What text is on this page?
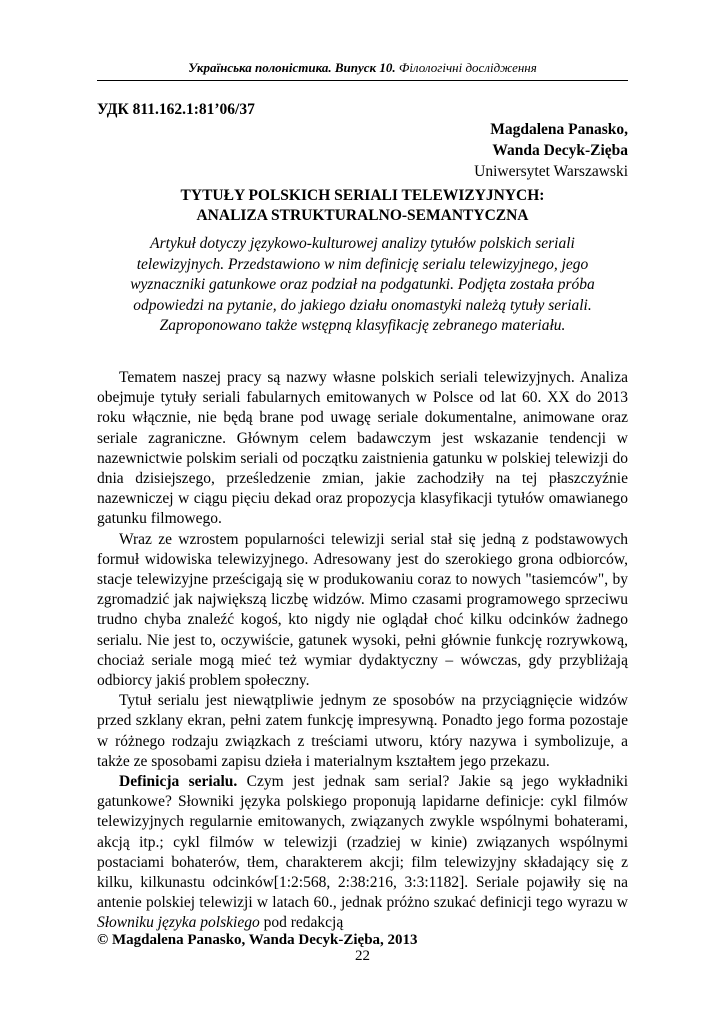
Українська полоністика. Випуск 10. Філологічні дослідження
УДК 811.162.1:81’06/37
Magdalena Panasko,
Wanda Decyk-Zięba
Uniwersytet Warszawski
TYTUŁY POLSKICH SERIALI TELEWIZYJNYCH:
ANALIZA STRUKTURALNO-SEMANTYCZNA
Artykuł dotyczy językowo-kulturowej analizy tytułów polskich seriali
telewizyjnych. Przedstawiono w nim definicję serialu telewizyjnego, jego
wyznaczniki gatunkowe oraz podział na podgatunki. Podjęta została próba
odpowiedzi na pytanie, do jakiego działu onomastyki należą tytuły seriali.
Zaproponowano także wstępną klasyfikację zebranego materiału.

Tematem naszej pracy są nazwy własne polskich seriali telewizyjnych. Analiza obejmuje tytuły seriali fabularnych emitowanych w Polsce od lat 60. XX do 2013 roku włącznie, nie będą brane pod uwagę seriale dokumentalne, animowane oraz seriale zagraniczne. Głównym celem badawczym jest wskazanie tendencji w nazewnictwie polskim seriali od początku zaistnienia gatunku w polskiej telewizji do dnia dzisiejszego, prześledzenie zmian, jakie zachodziły na tej płaszczyźnie nazewniczej w ciągu pięciu dekad oraz propozycja klasyfikacji tytułów omawianego gatunku filmowego.

Wraz ze wzrostem popularności telewizji serial stał się jedną z podstawowych formuł widowiska telewizyjnego. Adresowany jest do szerokiego grona odbiorców, stacje telewizyjne prześcigają się w produkowaniu coraz to nowych "tasiemców", by zgromadzić jak największą liczbę widzów. Mimo czasami programowego sprzeciwu trudno chyba znaleźć kogoś, kto nigdy nie oglądał choć kilku odcinków żadnego serialu. Nie jest to, oczywiście, gatunek wysoki, pełni głównie funkcję rozrywkową, chociaż seriale mogą mieć też wymiar dydaktyczny – wówczas, gdy przybliżają odbiorcy jakiś problem społeczny.

Tytuł serialu jest niewątpliwie jednym ze sposobów na przyciągnięcie widzów przed szklany ekran, pełni zatem funkcję impresywną. Ponadto jego forma pozostaje w różnego rodzaju związkach z treściami utworu, który nazywa i symbolizuje, a także ze sposobami zapisu dzieła i materialnym kształtem jego przekazu.

Definicja serialu. Czym jest jednak sam serial? Jakie są jego wykładniki gatunkowe? Słowniki języka polskiego proponują lapidarne definicje: cykl filmów telewizyjnych regularnie emitowanych, związanych zwykle wspólnymi bohaterami, akcją itp.; cykl filmów w telewizji (rzadziej w kinie) związanych wspólnymi postaciami bohaterów, tłem, charakterem akcji; film telewizyjny składający się z kilku, kilkunastu odcinków[1:2:568, 2:38:216, 3:3:1182]. Seriale pojawiły się na antenie polskiej telewizji w latach 60., jednak próżno szukać definicji tego wyrazu w Słowniku języka polskiego pod redakcją

© Magdalena Panasko, Wanda Decyk-Zięba, 2013
22
